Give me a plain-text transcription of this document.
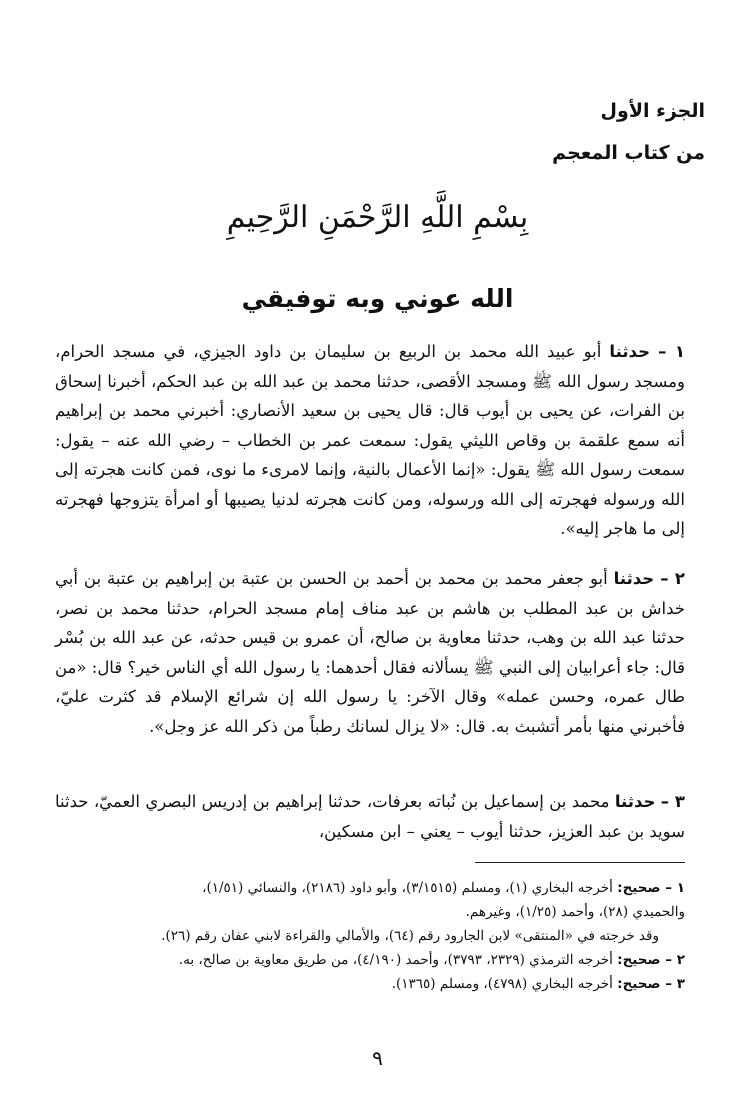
الجزء الأول
من كتاب المعجم
بِسْمِ اللَّهِ الرَّحْمَنِ الرَّحِيمِ
الله عوني وبه توفيقي
١ – حدثنا أبو عبيد الله محمد بن الربيع بن سليمان بن داود الجيزي، في مسجد الحرام، ومسجد رسول الله ﷺ ومسجد الأقصى، حدثنا محمد بن عبد الله بن عبد الحكم، أخبرنا إسحاق بن الفرات، عن يحيى بن أيوب قال: قال يحيى بن سعيد الأنصاري: أخبرني محمد بن إبراهيم أنه سمع علقمة بن وقاص الليثي يقول: سمعت عمر بن الخطاب – رضي الله عنه – يقول: سمعت رسول الله ﷺ يقول: «إنما الأعمال بالنية، وإنما لامرىء ما نوى، فمن كانت هجرته إلى الله ورسوله فهجرته إلى الله ورسوله، ومن كانت هجرته لدنيا يصيبها أو امرأة يتزوجها فهجرته إلى ما هاجر إليه».
٢ – حدثنا أبو جعفر محمد بن محمد بن أحمد بن الحسن بن عتبة بن إبراهيم بن عتبة بن أبي خداش بن عبد المطلب بن هاشم بن عبد مناف إمام مسجد الحرام، حدثنا محمد بن نصر، حدثنا عبد الله بن وهب، حدثنا معاوية بن صالح، أن عمرو بن قيس حدثه، عن عبد الله بن بُسْر قال: جاء أعرابيان إلى النبي ﷺ يسألانه فقال أحدهما: يا رسول الله أي الناس خير؟ قال: «من طال عمره، وحسن عمله» وقال الآخر: يا رسول الله إن شرائع الإسلام قد كثرت عليّ، فأخبرني منها بأمر أتشبث به. قال: «لا يزال لسانك رطباً من ذكر الله عز وجل».
٣ – حدثنا محمد بن إسماعيل بن نُباته بعرفات، حدثنا إبراهيم بن إدريس البصري العميّ، حدثنا سويد بن عبد العزيز، حدثنا أيوب – يعني – ابن مسكين،
١ – صحيح: أخرجه البخاري (١)، ومسلم (٣/١٥١٥)، وأبو داود (٢١٨٦)، والنسائي (١/٥١)،
والحميدي (٢٨)، وأحمد (١/٢٥)، وغيرهم.
وقد خرجته في «المنتقى» لابن الجارود رقم (٦٤)، والأمالي والقراءة لابني عفان رقم (٢٦).
٢ – صحيح: أخرجه الترمذي (٢٣٢٩، ٣٧٩٣)، وأحمد (٤/١٩٠)، من طريق معاوية بن صالح، به.
٣ – صحيح: أخرجه البخاري (٤٧٩٨)، ومسلم (١٣٦٥).
٩
